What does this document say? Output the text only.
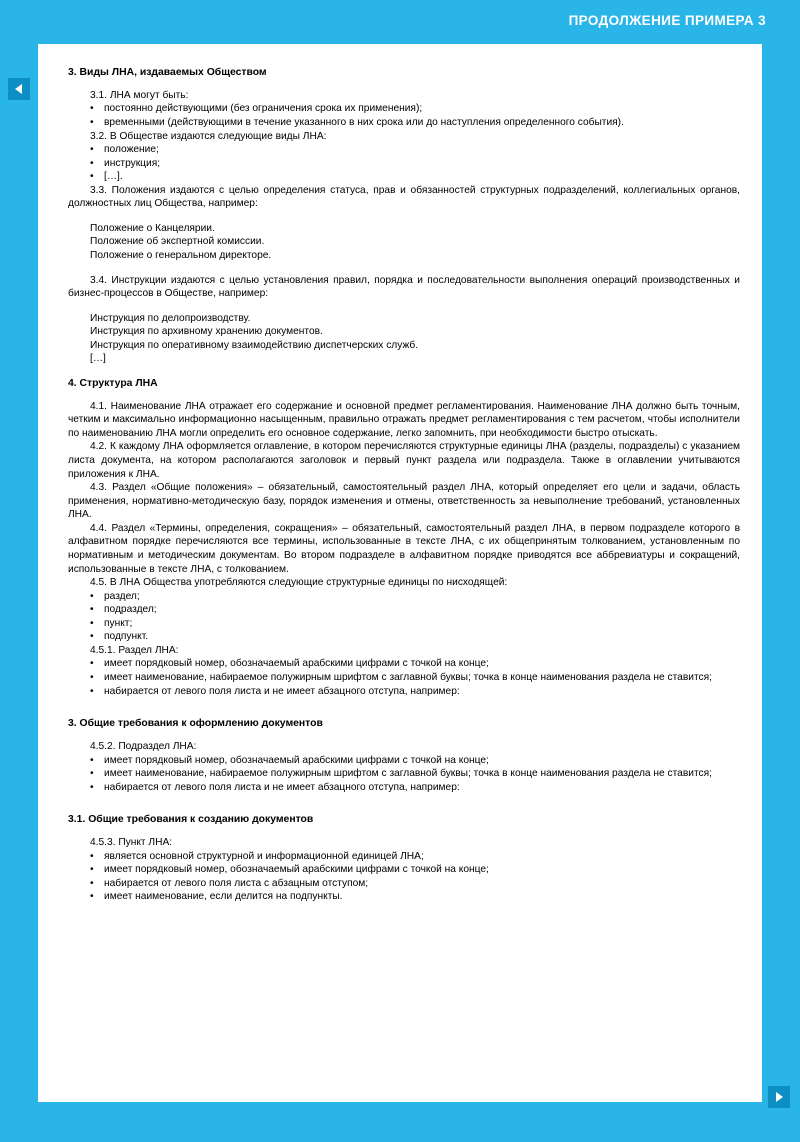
ПРОДОЛЖЕНИЕ ПРИМЕРА 3
3. Виды ЛНА, издаваемых Обществом

3.1. ЛНА могут быть:

• постоянно действующими (без ограничения срока их применения);
• временными (действующими в течение указанного в них срока или до наступления определенного события).

3.2. В Обществе издаются следующие виды ЛНА:

• положение;
• инструкция;
• […].

3.3. Положения издаются с целью определения статуса, прав и обязанностей структурных подразделений, коллегиальных органов, должностных лиц Общества, например:

Положение о Канцелярии.
Положение об экспертной комиссии.
Положение о генеральном директоре.

3.4. Инструкции издаются с целью установления правил, порядка и последовательности выполнения операций производственных и бизнес-процессов в Обществе, например:

Инструкция по делопроизводству.
Инструкция по архивному хранению документов.
Инструкция по оперативному взаимодействию диспетчерских служб.
[…]
4. Структура ЛНА

4.1. Наименование ЛНА отражает его содержание и основной предмет регламентирования. Наименование ЛНА должно быть точным, четким и максимально информационно насыщенным, правильно отражать предмет регламентирования с тем расчетом, чтобы исполнители по наименованию ЛНА могли определить его основное содержание, легко запомнить, при необходимости быстро отыскать.

4.2. К каждому ЛНА оформляется оглавление, в котором перечисляются структурные единицы ЛНА (разделы, подразделы) с указанием листа документа, на котором располагаются заголовок и первый пункт раздела или подраздела. Также в оглавлении учитываются приложения к ЛНА.

4.3. Раздел «Общие положения» – обязательный, самостоятельный раздел ЛНА, который определяет его цели и задачи, область применения, нормативно-методическую базу, порядок изменения и отмены, ответственность за невыполнение требований, установленных ЛНА.

4.4. Раздел «Термины, определения, сокращения» – обязательный, самостоятельный раздел ЛНА, в первом подразделе которого в алфавитном порядке перечисляются все термины, использованные в тексте ЛНА, с их общепринятым толкованием, установленным по нормативным и методическим документам. Во втором подразделе в алфавитном порядке приводятся все аббревиатуры и сокращений, использованные в тексте ЛНА, с толкованием.

4.5. В ЛНА Общества употребляются следующие структурные единицы по нисходящей:

• раздел;
• подраздел;
• пункт;
• подпункт.

4.5.1. Раздел ЛНА:

• имеет порядковый номер, обозначаемый арабскими цифрами с точкой на конце;
• имеет наименование, набираемое полужирным шрифтом с заглавной буквы; точка в конце наименования раздела не ставится;
• набирается от левого поля листа и не имеет абзацного отступа, например:
3. Общие требования к оформлению документов

4.5.2. Подраздел ЛНА:

• имеет порядковый номер, обозначаемый арабскими цифрами с точкой на конце;
• имеет наименование, набираемое полужирным шрифтом с заглавной буквы; точка в конце наименования раздела не ставится;
• набирается от левого поля листа и не имеет абзацного отступа, например:
3.1. Общие требования к созданию документов

4.5.3. Пункт ЛНА:

• является основной структурной и информационной единицей ЛНА;
• имеет порядковый номер, обозначаемый арабскими цифрами с точкой на конце;
• набирается от левого поля листа с абзацным отступом;
• имеет наименование, если делится на подпункты.
